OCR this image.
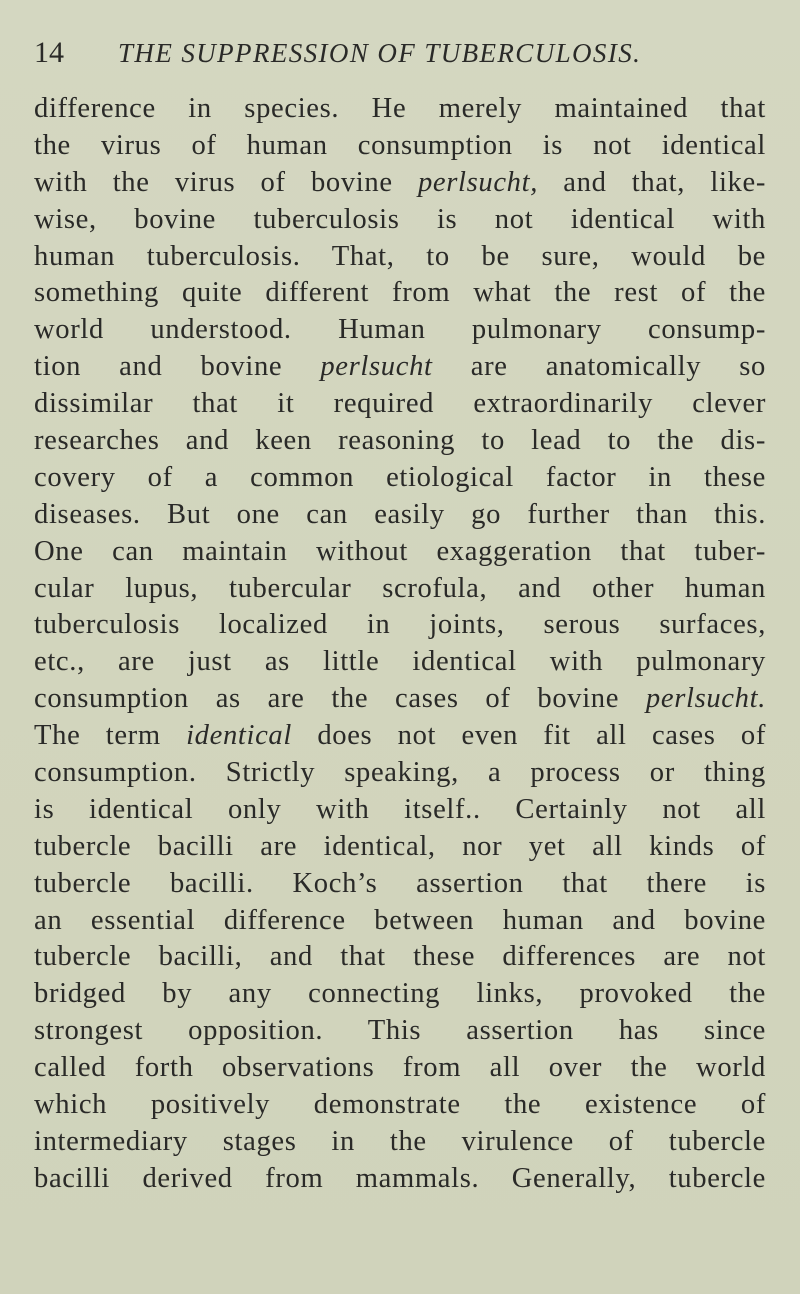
14 THE SUPPRESSION OF TUBERCULOSIS.
difference in species. He merely maintained that
the virus of human consumption is not identical
with the virus of bovine perlsucht, and that, like-
wise, bovine tuberculosis is not identical with
human tuberculosis. That, to be sure, would be
something quite different from what the rest of the
world understood. Human pulmonary consump-
tion and bovine perlsucht are anatomically so
dissimilar that it required extraordinarily clever
researches and keen reasoning to lead to the dis-
covery of a common etiological factor in these
diseases. But one can easily go further than this.
One can maintain without exaggeration that tuber-
cular lupus, tubercular scrofula, and other human
tuberculosis localized in joints, serous surfaces,
etc., are just as little identical with pulmonary
consumption as are the cases of bovine perlsucht.
The term identical does not even fit all cases of
consumption. Strictly speaking, a process or thing
is identical only with itself.. Certainly not all
tubercle bacilli are identical, nor yet all kinds of
tubercle bacilli. Koch’s assertion that there is
an essential difference between human and bovine
tubercle bacilli, and that these differences are not
bridged by any connecting links, provoked the
strongest opposition. This assertion has since
called forth observations from all over the world
which positively demonstrate the existence of
intermediary stages in the virulence of tubercle
bacilli derived from mammals. Generally, tubercle
